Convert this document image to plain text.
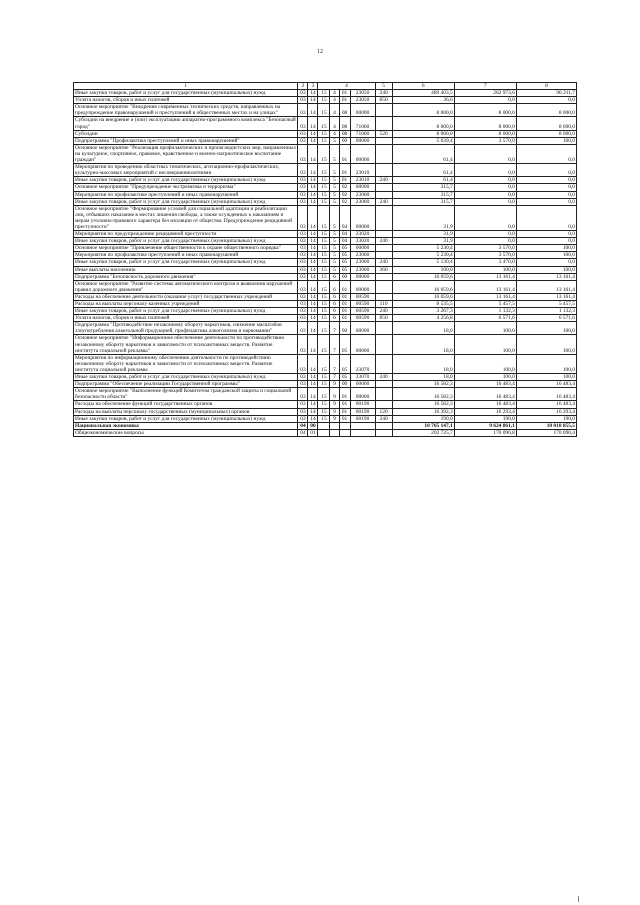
12
1	2	3	4				5	6	7	8
Иные закупки товаров, работ и услуг для государственных (муниципальных) нужд	03	14	15	4	01	23050	240	489 403,5	262 973,6	96 211,7
Уплата налогов, сборов и иных платежей	03	14	15	4	01	23050	850	36,6	0,0	0,0
Основное мероприятие "Внедрение современных технических средств, направленных на предупреждение правонарушений и преступлений в общественных местах и на улицах"	03	14	15	4	08	00000		8 000,0	8 000,0	8 000,0
Субсидии на внедрение и (или) эксплуатацию аппаратно-программного комплекса "Безопасный город"	03	14	15	4	08	71060		8 000,0	8 000,0	8 000,0
Субсидии	03	14	15	4	08	71060	520	8 000,0	8 000,0	8 000,0
Подпрограмма "Профилактика преступлений и иных правонарушений"	03	14	15	5	00	00000		5 639,4	3 570,0	100,0
Основное мероприятие "Реализация профилактических и пропагандистских мер, направленных на культурное, спортивное, правовое, нравственное и военно-патриотическое воспитание граждан"	03	14	15	5	01	00000		61,4	0,0	0,0
Мероприятия по проведению областных тематических, агитационно-профилактических, культурно-массовых мероприятий с несовершеннолетними	03	14	15	5	01	23010		61,4	0,0	0,0
Иные закупки товаров, работ и услуг для государственных (муниципальных) нужд	03	14	15	5	01	23010	240	61,4	0,0	0,0
Основное мероприятие "Предупреждение экстремизма и терроризма"	03	14	15	5	02	00000		315,7	0,0	0,0
Мероприятия по профилактике преступлений и иных правонарушений	03	14	15	5	02	23060		315,7	0,0	0,0
Иные закупки товаров, работ и услуг для государственных (муниципальных) нужд	03	14	15	5	02	23060	240	315,7	0,0	0,0
Основное мероприятие "Формирование условий для социальной адаптации и реабилитации лиц, отбывших наказание в местах лишения свободы, а также осужденных к наказаниям и мерам уголовно-правового характера без изоляции от общества. Предупреждение рецидивной преступности"	03	14	15	5	04	00000		31,9	0,0	0,0
Мероприятия по предупреждению рецидивной преступности	03	14	15	5	04	23020		31,9	0,0	0,0
Иные закупки товаров, работ и услуг для государственных (муниципальных) нужд	03	14	15	5	04	23020	240	31,9	0,0	0,0
Основное мероприятие "Привлечение общественности к охране общественного порядка"	03	14	15	5	05	00000		5 230,4	3 570,0	100,0
Мероприятия по профилактике преступлений и иных правонарушений	03	14	15	5	05	23060		5 230,4	3 570,0	100,0
Иные закупки товаров, работ и услуг для государственных (муниципальных) нужд	03	14	15	5	05	23060	240	5 130,4	3 470,0	0,0
Иные выплаты населению	03	14	15	5	05	23060	360	100,0	100,0	100,0
Подпрограмма "Безопасность дорожного движения"	03	14	15	6	00	00000		16 059,6	13 161,4	13 161,4
Основное мероприятие "Развитие системы автоматического контроля и выявления нарушений правил дорожного движения"	03	14	15	6	01	00000		16 059,6	13 161,4	13 161,4
Расходы на обеспечение деятельности (оказание услуг) государственных учреждений	03	14	15	6	01	00590		16 059,6	13 161,4	13 161,4
Расходы на выплаты персоналу казенных учреждений	03	14	15	6	01	00590	110	8 535,5	5 457,5	5 457,5
Иные закупки товаров, работ и услуг для государственных (муниципальных) нужд	03	14	15	6	01	00590	240	3 267,3	1 132,3	1 132,3
Уплата налогов, сборов и иных платежей	03	14	15	6	01	00590	850	4 256,8	6 571,6	6 571,6
Подпрограмма "Противодействие незаконному обороту наркотиков, снижение масштабов злоупотребления алкогольной продукцией, профилактика алкоголизма и наркомании"	03	14	15	7	00	00000		18,0	100,0	100,0
Основное мероприятие "Информационное обеспечение деятельности по противодействию незаконному обороту наркотиков и зависимости от психоактивных веществ. Развитие института социальной рекламы"	03	14	15	7	05	00000		18,0	100,0	100,0
Мероприятия по информационному обеспечению деятельности по противодействию незаконному обороту наркотиков и зависимости от психоактивных веществ. Развитие института социальной рекламы	03	14	15	7	05	23070		18,0	100,0	100,0
Иные закупки товаров, работ и услуг для государственных (муниципальных) нужд	03	14	15	7	05	23070	240	18,0	100,0	100,0
Подпрограмма "Обеспечение реализации Государственной программы"	03	14	15	9	00	00000		16 582,3	16 483,4	16 483,4
Основное мероприятие "Выполнение функций Комитетом гражданской защиты и социальной безопасности области"	03	14	15	9	01	00000		16 582,3	16 483,4	16 483,4
Расходы на обеспечение функций государственных органов	03	14	15	9	01	00190		16 582,3	16 483,4	16 483,4
Расходы на выплаты персоналу государственных (муниципальных) органов	03	14	15	9	01	00190	120	16 392,3	16 293,4	16 293,4
Иные закупки товаров, работ и услуг для государственных (муниципальных) нужд	03	14	15	9	01	00190	240	190,0	190,0	190,0
Национальная экономика	04	00						10 765 147,1	9 624 861,1	10 018 855,5
Общеэкономические вопросы	04	01						202 725,7	170 096,8	170 090,4
